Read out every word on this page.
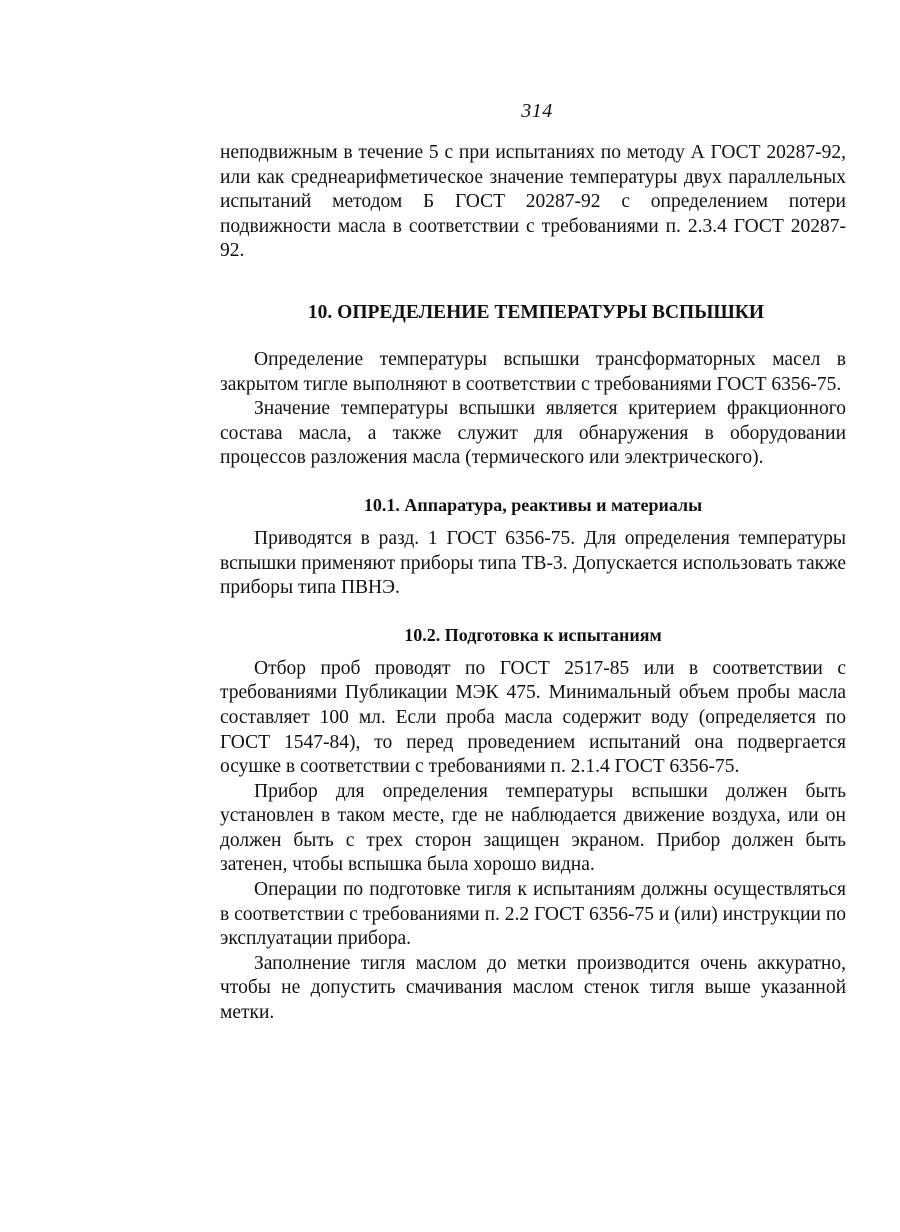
314

неподвижным в течение 5 с при испытаниях по методу А ГОСТ 20287-92, или как среднеарифметическое значение температуры двух параллельных испытаний методом Б ГОСТ 20287-92 с определением потери подвижности масла в соответствии с требованиями п. 2.3.4 ГОСТ 20287-92.

10. ОПРЕДЕЛЕНИЕ ТЕМПЕРАТУРЫ ВСПЫШКИ

Определение температуры вспышки трансформаторных масел в закрытом тигле выполняют в соответствии с требованиями ГОСТ 6356-75.

Значение температуры вспышки является критерием фракционного состава масла, а также служит для обнаружения в оборудовании процессов разложения масла (термического или электрического).

10.1. Аппаратура, реактивы и материалы

Приводятся в разд. 1 ГОСТ 6356-75. Для определения температуры вспышки применяют приборы типа ТВ-3. Допускается использовать также приборы типа ПВНЭ.

10.2. Подготовка к испытаниям

Отбор проб проводят по ГОСТ 2517-85 или в соответствии с требованиями Публикации МЭК 475. Минимальный объем пробы масла составляет 100 мл. Если проба масла содержит воду (определяется по ГОСТ 1547-84), то перед проведением испытаний она подвергается осушке в соответствии с требованиями п. 2.1.4 ГОСТ 6356-75.

Прибор для определения температуры вспышки должен быть установлен в таком месте, где не наблюдается движение воздуха, или он должен быть с трех сторон защищен экраном. Прибор должен быть затенен, чтобы вспышка была хорошо видна.

Операции по подготовке тигля к испытаниям должны осуществляться в соответствии с требованиями п. 2.2 ГОСТ 6356-75 и (или) инструкции по эксплуатации прибора.

Заполнение тигля маслом до метки производится очень аккуратно, чтобы не допустить смачивания маслом стенок тигля выше указанной метки.
